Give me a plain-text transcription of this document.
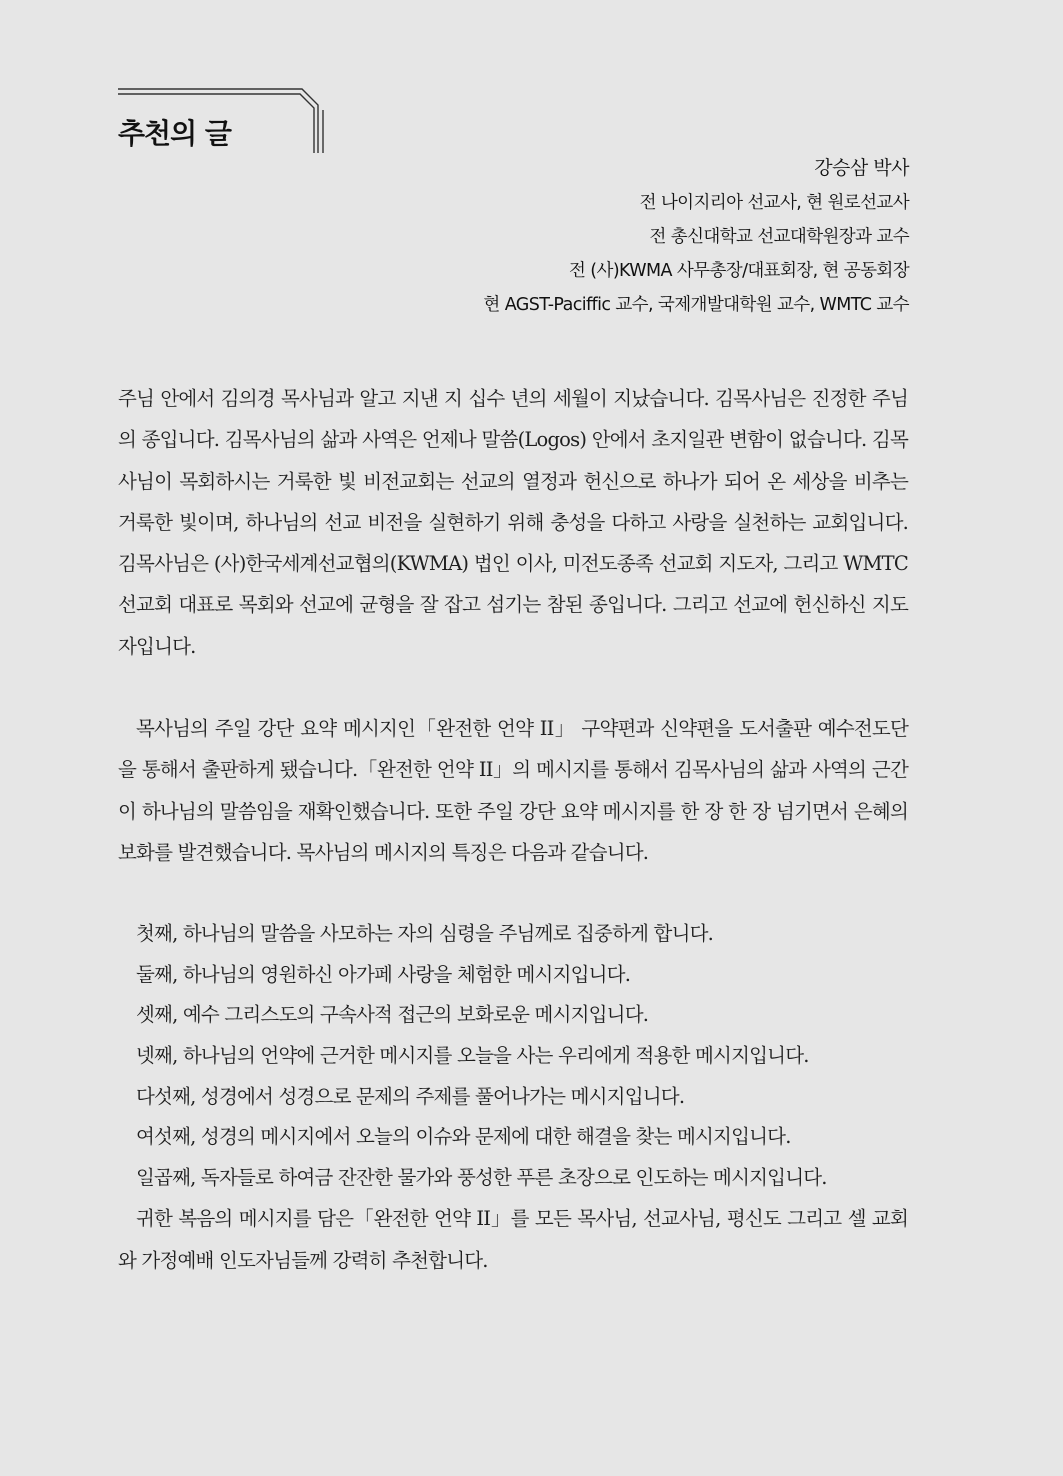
추천의 글
강승삼 박사
전 나이지리아 선교사, 현 원로선교사
전 총신대학교 선교대학원장과 교수
전 (사)KWMA 사무총장/대표회장, 현 공동회장
현 AGST-Paciffic 교수, 국제개발대학원 교수, WMTC 교수

주님 안에서 김의경 목사님과 알고 지낸 지 십수 년의 세월이 지났습니다. 김목사님은 진정한 주님의 종입니다. 김목사님의 삶과 사역은 언제나 말씀(Logos) 안에서 초지일관 변함이 없습니다. 김목사님이 목회하시는 거룩한 빛 비전교회는 선교의 열정과 헌신으로 하나가 되어 온 세상을 비추는 거룩한 빛이며, 하나님의 선교 비전을 실현하기 위해 충성을 다하고 사랑을 실천하는 교회입니다. 김목사님은 (사)한국세계선교협의(KWMA) 법인 이사, 미전도종족 선교회 지도자, 그리고 WMTC 선교회 대표로 목회와 선교에 균형을 잘 잡고 섬기는 참된 종입니다. 그리고 선교에 헌신하신 지도자입니다.

목사님의 주일 강단 요약 메시지인「완전한 언약 II」 구약편과 신약편을 도서출판 예수전도단을 통해서 출판하게 됐습니다.「완전한 언약 II」의 메시지를 통해서 김목사님의 삶과 사역의 근간이 하나님의 말씀임을 재확인했습니다. 또한 주일 강단 요약 메시지를 한 장 한 장 넘기면서 은혜의 보화를 발견했습니다. 목사님의 메시지의 특징은 다음과 같습니다.

첫째, 하나님의 말씀을 사모하는 자의 심령을 주님께로 집중하게 합니다.
둘째, 하나님의 영원하신 아가페 사랑을 체험한 메시지입니다.
셋째, 예수 그리스도의 구속사적 접근의 보화로운 메시지입니다.
넷째, 하나님의 언약에 근거한 메시지를 오늘을 사는 우리에게 적용한 메시지입니다.
다섯째, 성경에서 성경으로 문제의 주제를 풀어나가는 메시지입니다.
여섯째, 성경의 메시지에서 오늘의 이슈와 문제에 대한 해결을 찾는 메시지입니다.
일곱째, 독자들로 하여금 잔잔한 물가와 풍성한 푸른 초장으로 인도하는 메시지입니다.

귀한 복음의 메시지를 담은「완전한 언약 II」를 모든 목사님, 선교사님, 평신도 그리고 셀 교회와 가정예배 인도자님들께 강력히 추천합니다.
